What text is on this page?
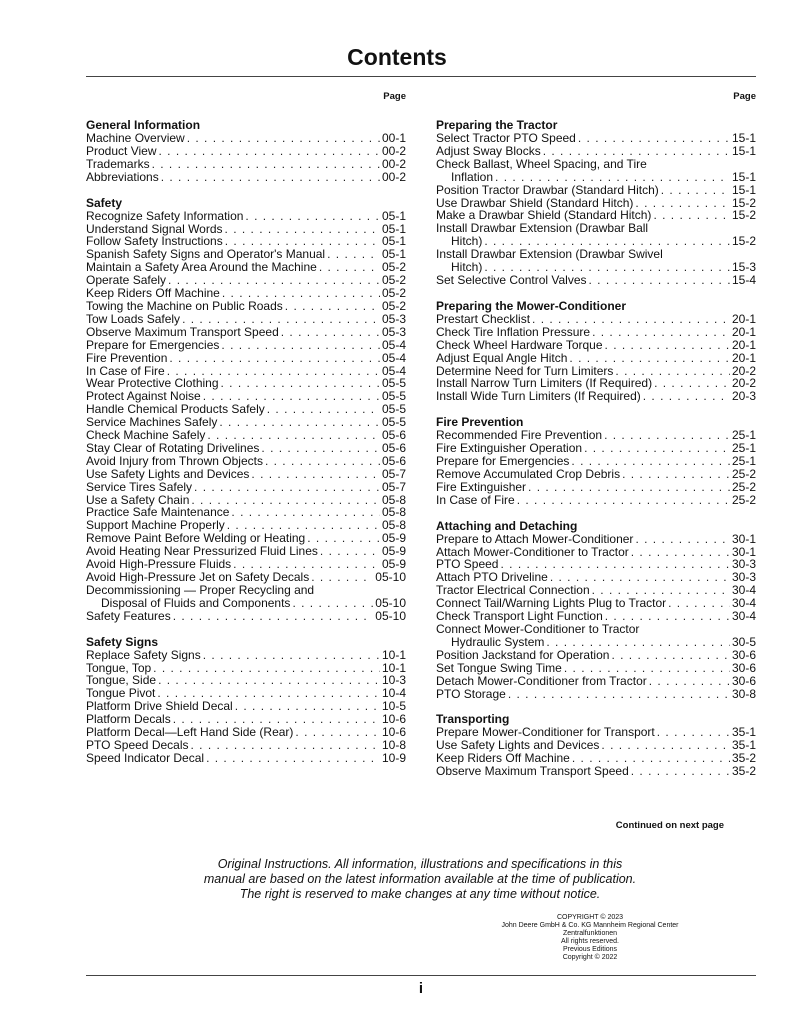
Contents
Page
General Information
Machine Overview . . .	00-1
Product View . . .	00-2
Trademarks . . .	00-2
Abbreviations . . .	00-2
Safety
Recognize Safety Information . . .	05-1
Understand Signal Words . . .	05-1
Follow Safety Instructions . . .	05-1
Spanish Safety Signs and Operator's Manual . . .	05-1
Maintain a Safety Area Around the Machine . . .	05-2
Operate Safely . . .	05-2
Keep Riders Off Machine . . .	05-2
Towing the Machine on Public Roads . . .	05-2
Tow Loads Safely . . .	05-3
Observe Maximum Transport Speed . . .	05-3
Prepare for Emergencies . . .	05-4
Fire Prevention . . .	05-4
In Case of Fire . . .	05-4
Wear Protective Clothing . . .	05-5
Protect Against Noise . . .	05-5
Handle Chemical Products Safely . . .	05-5
Service Machines Safely . . .	05-5
Check Machine Safely . . .	05-6
Stay Clear of Rotating Drivelines . . .	05-6
Avoid Injury from Thrown Objects . . .	05-6
Use Safety Lights and Devices . . .	05-7
Service Tires Safely . . .	05-7
Use a Safety Chain . . .	05-8
Practice Safe Maintenance . . .	05-8
Support Machine Properly . . .	05-8
Remove Paint Before Welding or Heating . . .	05-9
Avoid Heating Near Pressurized Fluid Lines . . .	05-9
Avoid High-Pressure Fluids . . .	05-9
Avoid High-Pressure Jet on Safety Decals . . .	05-10
Decommissioning — Proper Recycling and
Disposal of Fluids and Components . . .	05-10
Safety Features . . .	05-10
Safety Signs
Replace Safety Signs . . .	10-1
Tongue, Top . . .	10-1
Tongue, Side . . .	10-3
Tongue Pivot . . .	10-4
Platform Drive Shield Decal . . .	10-5
Platform Decals . . .	10-6
Platform Decal—Left Hand Side (Rear) . . .	10-6
PTO Speed Decals . . .	10-8
Speed Indicator Decal . . .	10-9
Page
Preparing the Tractor
Select Tractor PTO Speed . . .	15-1
Adjust Sway Blocks . . .	15-1
Check Ballast, Wheel Spacing, and Tire
Inflation . . .	15-1
Position Tractor Drawbar (Standard Hitch) . . .	15-1
Use Drawbar Shield (Standard Hitch) . . .	15-2
Make a Drawbar Shield (Standard Hitch) . . .	15-2
Install Drawbar Extension (Drawbar Ball
Hitch) . . .	15-2
Install Drawbar Extension (Drawbar Swivel
Hitch) . . .	15-3
Set Selective Control Valves . . .	15-4
Preparing the Mower-Conditioner
Prestart Checklist . . .	20-1
Check Tire Inflation Pressure . . .	20-1
Check Wheel Hardware Torque . . .	20-1
Adjust Equal Angle Hitch . . .	20-1
Determine Need for Turn Limiters . . .	20-2
Install Narrow Turn Limiters (If Required) . . .	20-2
Install Wide Turn Limiters (If Required) . . .	20-3
Fire Prevention
Recommended Fire Prevention . . .	25-1
Fire Extinguisher Operation . . .	25-1
Prepare for Emergencies . . .	25-1
Remove Accumulated Crop Debris . . .	25-2
Fire Extinguisher . . .	25-2
In Case of Fire . . .	25-2
Attaching and Detaching
Prepare to Attach Mower-Conditioner . . .	30-1
Attach Mower-Conditioner to Tractor . . .	30-1
PTO Speed . . .	30-3
Attach PTO Driveline . . .	30-3
Tractor Electrical Connection . . .	30-4
Connect Tail/Warning Lights Plug to Tractor . . .	30-4
Check Transport Light Function . . .	30-4
Connect Mower-Conditioner to Tractor
Hydraulic System . . .	30-5
Position Jackstand for Operation . . .	30-6
Set Tongue Swing Time . . .	30-6
Detach Mower-Conditioner from Tractor . . .	30-6
PTO Storage . . .	30-8
Transporting
Prepare Mower-Conditioner for Transport . . .	35-1
Use Safety Lights and Devices . . .	35-1
Keep Riders Off Machine . . .	35-2
Observe Maximum Transport Speed . . .	35-2
Continued on next page
Original Instructions. All information, illustrations and specifications in this
manual are based on the latest information available at the time of publication.
The right is reserved to make changes at any time without notice.
COPYRIGHT © 2023
John Deere GmbH & Co. KG Mannheim Regional Center
Zentralfunktionen
All rights reserved.
Previous Editions
Copyright © 2022
i
